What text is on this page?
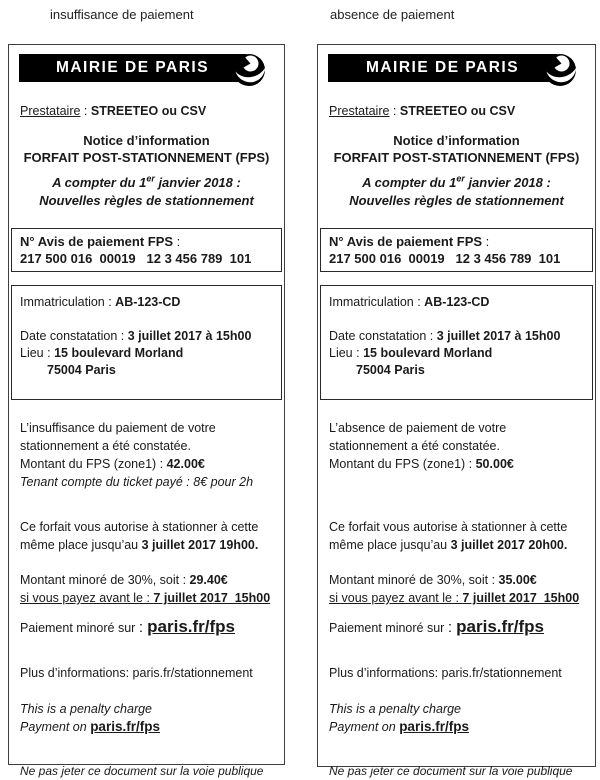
insuffisance de paiement	absence de paiement
MAIRIE DE PARIS
Prestataire : STREETEO ou CSV
Notice d’information
FORFAIT POST-STATIONNEMENT (FPS)
A compter du 1er janvier 2018 :
Nouvelles règles de stationnement
N° Avis de paiement FPS :
217 500 016  00019   12 3 456 789  101
Immatriculation : AB-123-CD
Date constatation : 3 juillet 2017 à 15h00
Lieu : 15 boulevard Morland
75004 Paris
L’insuffisance du paiement de votre
stationnement a été constatée.
Montant du FPS (zone1) : 42.00€
Tenant compte du ticket payé : 8€ pour 2h
Ce forfait vous autorise à stationner à cette même place jusqu’au 3 juillet 2017 19h00.
Montant minoré de 30%, soit : 29.40€
si vous payez avant le : 7 juillet 2017  15h00
Paiement minoré sur : paris.fr/fps
Plus d’informations: paris.fr/stationnement
This is a penalty charge
Payment on paris.fr/fps
Ne pas jeter ce document sur la voie publique
MAIRIE DE PARIS
Prestataire : STREETEO ou CSV
Notice d’information
FORFAIT POST-STATIONNEMENT (FPS)
A compter du 1er janvier 2018 :
Nouvelles règles de stationnement
N° Avis de paiement FPS :
217 500 016  00019   12 3 456 789  101
Immatriculation : AB-123-CD
Date constatation : 3 juillet 2017 à 15h00
Lieu : 15 boulevard Morland
75004 Paris
L’absence de paiement de votre
stationnement a été constatée.
Montant du FPS (zone1) : 50.00€
Ce forfait vous autorise à stationner à cette même place jusqu’au 3 juillet 2017 20h00.
Montant minoré de 30%, soit : 35.00€
si vous payez avant le : 7 juillet 2017  15h00
Paiement minoré sur : paris.fr/fps
Plus d’informations: paris.fr/stationnement
This is a penalty charge
Payment on paris.fr/fps
Ne pas jeter ce document sur la voie publique
